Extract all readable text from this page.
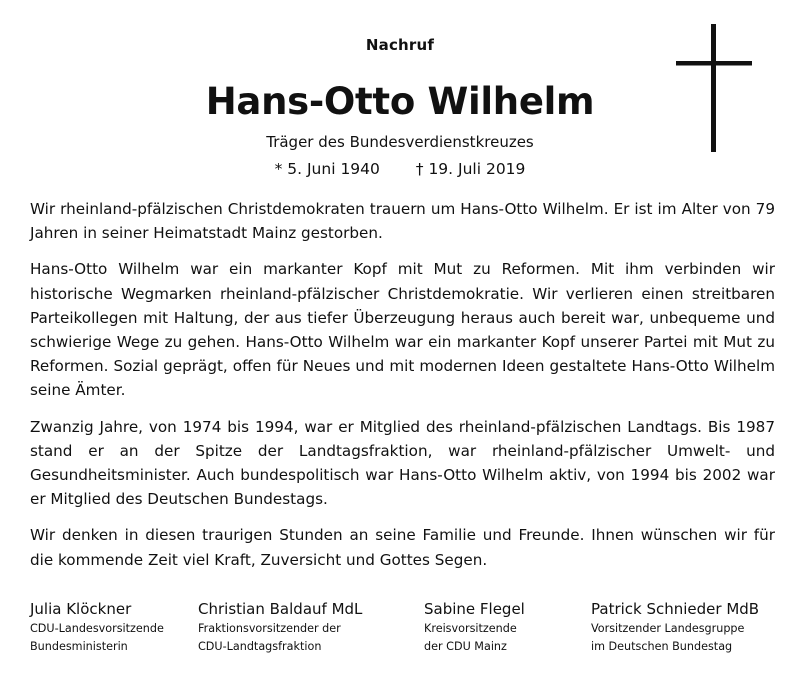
Nachruf
Hans-Otto Wilhelm
Träger des Bundesverdienstkreuzes
* 5. Juni 1940 † 19. Juli 2019

Wir rheinland-pfälzischen Christdemokraten trauern um Hans-Otto Wilhelm. Er ist im Alter von 79 Jahren in seiner Heimatstadt Mainz gestorben.

Hans-Otto Wilhelm war ein markanter Kopf mit Mut zu Reformen. Mit ihm verbinden wir historische Wegmarken rheinland-pfälzischer Christdemokratie. Wir verlieren einen streitbaren Parteikollegen mit Haltung, der aus tiefer Überzeugung heraus auch bereit war, unbequeme und schwierige Wege zu gehen. Hans-Otto Wilhelm war ein markanter Kopf unserer Partei mit Mut zu Reformen. Sozial geprägt, offen für Neues und mit modernen Ideen gestaltete Hans-Otto Wilhelm seine Ämter.

Zwanzig Jahre, von 1974 bis 1994, war er Mitglied des rheinland-pfälzischen Landtags. Bis 1987 stand er an der Spitze der Landtagsfraktion, war rheinland-pfälzischer Umwelt- und Gesundheitsminister. Auch bundespolitisch war Hans-Otto Wilhelm aktiv, von 1994 bis 2002 war er Mitglied des Deutschen Bundestags.

Wir denken in diesen traurigen Stunden an seine Familie und Freunde. Ihnen wünschen wir für die kommende Zeit viel Kraft, Zuversicht und Gottes Segen.

Julia Klöckner
CDU-Landesvorsitzende
Bundesministerin
Christian Baldauf MdL
Fraktionsvorsitzender der
CDU-Landtagsfraktion
Sabine Flegel
Kreisvorsitzende
der CDU Mainz
Patrick Schnieder MdB
Vorsitzender Landesgruppe
im Deutschen Bundestag
